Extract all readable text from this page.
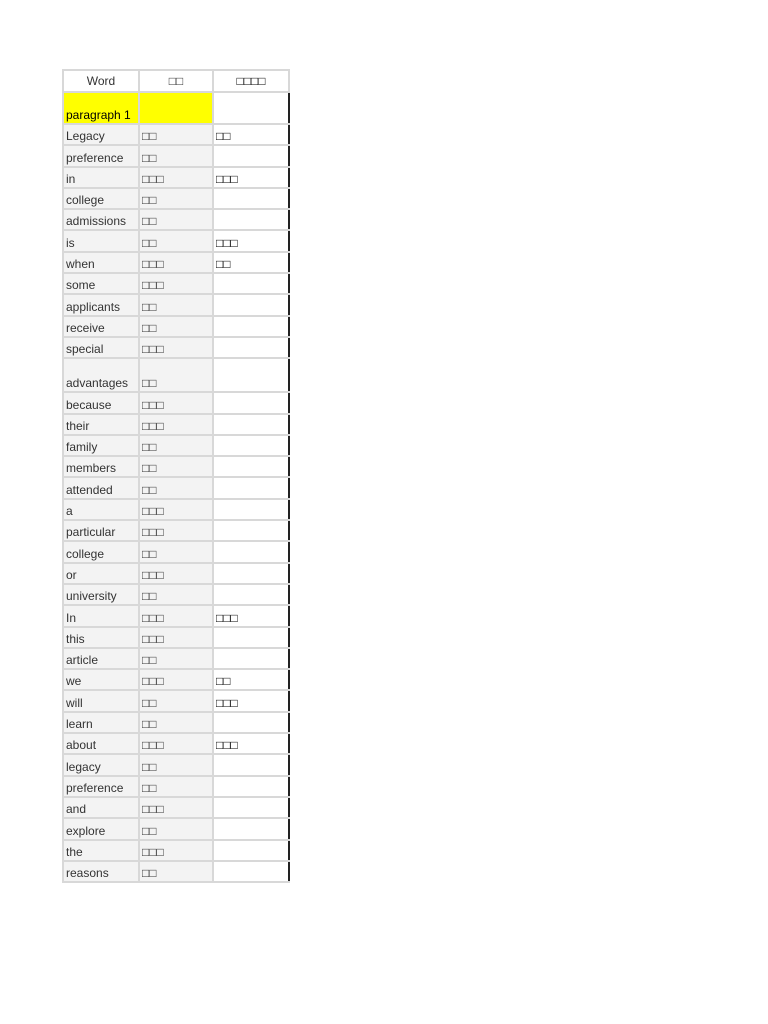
Word	□□	□□□□
paragraph 1		
Legacy	□□	□□
preference	□□	
in	□□□	□□□
college	□□	
admissions	□□	
is	□□	□□□
when	□□□	□□
some	□□□	
applicants	□□	
receive	□□	
special	□□□	
advantages	□□	
because	□□□	
their	□□□	
family	□□	
members	□□	
attended	□□	
a	□□□	
particular	□□□	
college	□□	
or	□□□	
university	□□	
In	□□□	□□□
this	□□□	
article	□□	
we	□□□	□□
will	□□	□□□
learn	□□	
about	□□□	□□□
legacy	□□	
preference	□□	
and	□□□	
explore	□□	
the	□□□	
reasons	□□	
